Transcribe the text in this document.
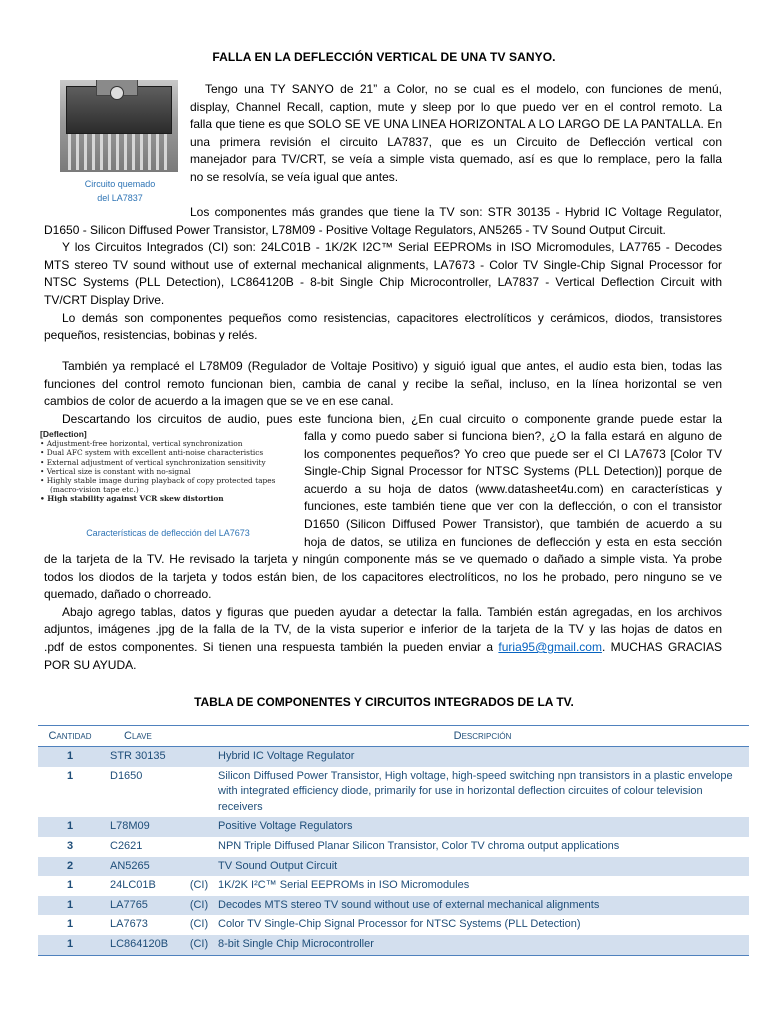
FALLA EN LA DEFLECCIÓN VERTICAL DE UNA TV SANYO.
Circuito quemado
del LA7837
Tengo una TY SANYO de 21” a Color, no se cual es el modelo, con funciones de menú,
display, Channel Recall, caption, mute y sleep por lo que puedo ver en el control remoto. La
falla que tiene es que SOLO SE VE UNA LINEA HORIZONTAL A LO LARGO DE LA PANTALLA. En
una primera revisión el circuito LA7837, que es un Circuito de Deflección vertical con
manejador para TV/CRT, se veía a simple vista quemado, así es que lo remplace, pero la falla
no se resolvía, se veía igual que antes.
Los componentes más grandes que tiene la TV son: STR 30135 - Hybrid IC Voltage Regulator,
D1650 - Silicon Diffused Power Transistor, L78M09 - Positive Voltage Regulators, AN5265 - TV Sound Output Circuit.
Y los Circuitos Integrados (CI) son: 24LC01B - 1K/2K I2C™ Serial EEPROMs in ISO Micromodules, LA7765 - Decodes
MTS stereo TV sound without use of external mechanical alignments, LA7673 - Color TV Single-Chip Signal Processor for
NTSC Systems (PLL Detection), LC864120B - 8-bit Single Chip Microcontroller, LA7837 - Vertical Deflection Circuit with
TV/CRT Display Drive.
Lo demás son componentes pequeños como resistencias, capacitores electrolíticos y cerámicos, diodos, transistores
pequeños, resistencias, bobinas y relés.
También ya remplacé el L78M09 (Regulador de Voltaje Positivo) y siguió igual que antes, el audio esta bien, todas las
funciones del control remoto funcionan bien, cambia de canal y recibe la señal, incluso, en la línea horizontal se ven
cambios de color de acuerdo a la imagen que se ve en ese canal.
Descartando los circuitos de audio, pues este funciona bien, ¿En cual circuito o componente grande puede estar la
[Deflection]
• Adjustment-free horizontal, vertical synchronization
• Dual AFC system with excellent anti-noise characteristics
• External adjustment of vertical synchronization sensitivity
• Vertical size is constant with no-signal
• Highly stable image during playback of copy protected tapes
(macro-vision tape etc.)
• High stability against VCR skew distortion
Características de deflección del LA7673
falla y como puedo saber si funciona bien?, ¿O la falla estará en alguno de
los componentes pequeños? Yo creo que puede ser el CI LA7673 [Color TV
Single-Chip Signal Processor for NTSC Systems (PLL Detection)] porque de
acuerdo a su hoja de datos (www.datasheet4u.com) en características y
funciones, este también tiene que ver con la deflección, o con el transistor
D1650 (Silicon Diffused Power Transistor), que también de acuerdo a su
hoja de datos, se utiliza en funciones de deflección y esta en esta sección
de la tarjeta de la TV. He revisado la tarjeta y ningún componente más se ve quemado o dañado a simple vista. Ya probe
todos los diodos de la tarjeta y todos están bien, de los capacitores electrolíticos, no los he probado, pero ninguno se ve
quemado, dañado o chorreado.
Abajo agrego tablas, datos y figuras que pueden ayudar a detectar la falla. También están agregadas, en los archivos
adjuntos, imágenes .jpg de la falla de la TV, de la vista superior e inferior de la tarjeta de la TV y las hojas de datos en
.pdf de estos componentes. Si tienen una respuesta también la pueden enviar a furia95@gmail.com. MUCHAS GRACIAS
POR SU AYUDA.
TABLA DE COMPONENTES Y CIRCUITOS INTEGRADOS DE LA TV.
Cantidad	Clave		Descripción
1	STR 30135		Hybrid IC Voltage Regulator
1	D1650		Silicon Diffused Power Transistor, High voltage, high-speed switching npn transistors in a plastic envelope with integrated efficiency diode, primarily for use in horizontal deflection circuites of colour television receivers
1	L78M09		Positive Voltage Regulators
3	C2621		NPN Triple Diffused Planar Silicon Transistor, Color TV chroma output applications
2	AN5265		TV Sound Output Circuit
1	24LC01B	(CI)	1K/2K I²C™ Serial EEPROMs in ISO Micromodules
1	LA7765	(CI)	Decodes MTS stereo TV sound without use of external mechanical alignments
1	LA7673	(CI)	Color TV Single-Chip Signal Processor for NTSC Systems (PLL Detection)
1	LC864120B	(CI)	8-bit Single Chip Microcontroller
